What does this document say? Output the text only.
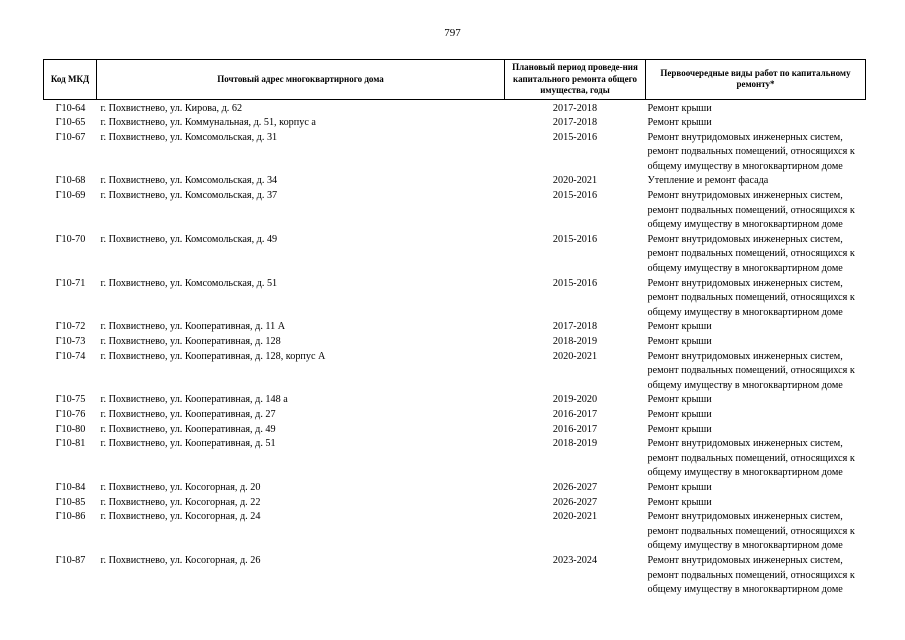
797
Код МКД	Почтовый адрес многоквартирного дома	Плановый период проведе-ния капитального ремонта общего имущества, годы	Первоочередные виды работ по капитальному ремонту*
Г10-64	г. Похвистнево, ул. Кирова, д. 62	2017-2018	Ремонт крыши
Г10-65	г. Похвистнево, ул. Коммунальная, д. 51, корпус а	2017-2018	Ремонт крыши
Г10-67	г. Похвистнево, ул. Комсомольская, д. 31	2015-2016	Ремонт внутридомовых инженерных систем, ремонт подвальных помещений, относящихся к общему имуществу в многоквартирном доме
Г10-68	г. Похвистнево, ул. Комсомольская, д. 34	2020-2021	Утепление и ремонт фасада
Г10-69	г. Похвистнево, ул. Комсомольская, д. 37	2015-2016	Ремонт внутридомовых инженерных систем, ремонт подвальных помещений, относящихся к общему имуществу в многоквартирном доме
Г10-70	г. Похвистнево, ул. Комсомольская, д. 49	2015-2016	Ремонт внутридомовых инженерных систем, ремонт подвальных помещений, относящихся к общему имуществу в многоквартирном доме
Г10-71	г. Похвистнево, ул. Комсомольская, д. 51	2015-2016	Ремонт внутридомовых инженерных систем, ремонт подвальных помещений, относящихся к общему имуществу в многоквартирном доме
Г10-72	г. Похвистнево, ул. Кооперативная, д. 11 А	2017-2018	Ремонт крыши
Г10-73	г. Похвистнево, ул. Кооперативная, д. 128	2018-2019	Ремонт крыши
Г10-74	г. Похвистнево, ул. Кооперативная, д. 128, корпус А	2020-2021	Ремонт внутридомовых инженерных систем, ремонт подвальных помещений, относящихся к общему имуществу в многоквартирном доме
Г10-75	г. Похвистнево, ул. Кооперативная, д. 148 а	2019-2020	Ремонт крыши
Г10-76	г. Похвистнево, ул. Кооперативная, д. 27	2016-2017	Ремонт крыши
Г10-80	г. Похвистнево, ул. Кооперативная, д. 49	2016-2017	Ремонт крыши
Г10-81	г. Похвистнево, ул. Кооперативная, д. 51	2018-2019	Ремонт внутридомовых инженерных систем, ремонт подвальных помещений, относящихся к общему имуществу в многоквартирном доме
Г10-84	г. Похвистнево, ул. Косогорная, д. 20	2026-2027	Ремонт крыши
Г10-85	г. Похвистнево, ул. Косогорная, д. 22	2026-2027	Ремонт крыши
Г10-86	г. Похвистнево, ул. Косогорная, д. 24	2020-2021	Ремонт внутридомовых инженерных систем, ремонт подвальных помещений, относящихся к общему имуществу в многоквартирном доме
Г10-87	г. Похвистнево, ул. Косогорная, д. 26	2023-2024	Ремонт внутридомовых инженерных систем, ремонт подвальных помещений, относящихся к общему имуществу в многоквартирном доме
